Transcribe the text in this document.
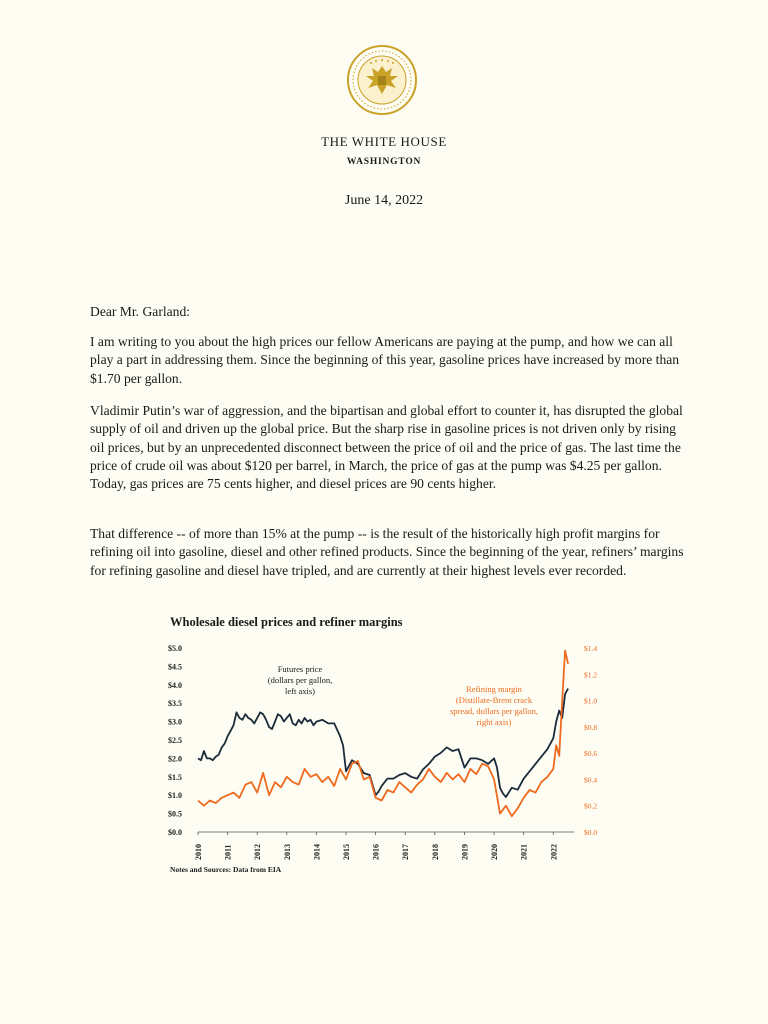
THE WHITE HOUSE
WASHINGTON
June 14, 2022
Dear Mr. Garland:
I am writing to you about the high prices our fellow Americans are paying at the pump, and how we can all play a part in addressing them. Since the beginning of this year, gasoline prices have increased by more than $1.70 per gallon.
Vladimir Putin’s war of aggression, and the bipartisan and global effort to counter it, has disrupted the global supply of oil and driven up the global price. But the sharp rise in gasoline prices is not driven only by rising oil prices, but by an unprecedented disconnect between the price of oil and the price of gas. The last time the price of crude oil was about $120 per barrel, in March, the price of gas at the pump was $4.25 per gallon. Today, gas prices are 75 cents higher, and diesel prices are 90 cents higher.
That difference -- of more than 15% at the pump -- is the result of the historically high profit margins for refining oil into gasoline, diesel and other refined products. Since the beginning of the year, refiners’ margins for refining gasoline and diesel have tripled, and are currently at their highest levels ever recorded.
Wholesale diesel prices and refiner margins
$0.0
$0.5
$1.0
$1.5
$2.0
$2.5
$3.0
$3.5
$4.0
$4.5
$5.0
$0.0
$0.2
$0.4
$0.6
$0.8
$1.0
$1.2
$1.4
2010	2011	2012	2013	2014	2015	2016	2017	2018	2019	2020	2021	2022
Futures price
(dollars per gallon,
left axis)	Refining margin
(Distillate-Brent crack
spread, dollars per gallon,
right axis)
Notes and Sources: Data from EIA
